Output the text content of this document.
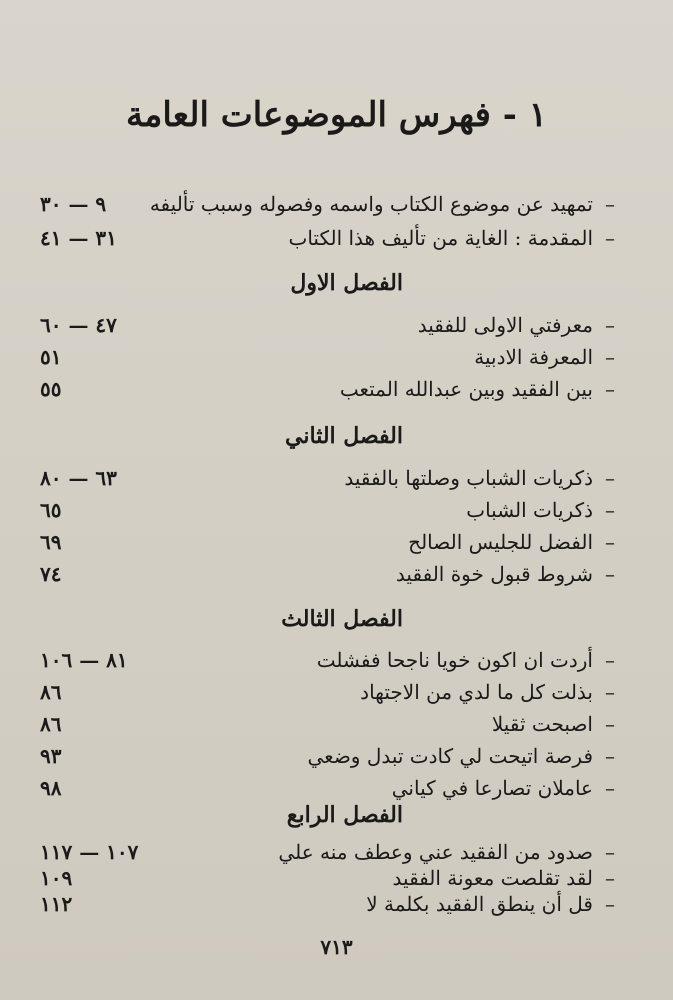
١ - فهرس الموضوعات العامة
–تمهيد عن موضوع الكتاب واسمه وفصوله وسبب تأليفه
٩ — ٣٠
–المقدمة : الغاية من تأليف هذا الكتاب
٣١ — ٤١
الفصل الاول
–معرفتي الاولى للفقيد
٤٧ — ٦٠
–المعرفة الادبية
٥١
–بين الفقيد وبين عبدالله المتعب
٥٥
الفصل الثاني
–ذكريات الشباب وصلتها بالفقيد
٦٣ — ٨٠
–ذكريات الشباب
٦٥
–الفضل للجليس الصالح
٦٩
–شروط قبول خوة الفقيد
٧٤
الفصل الثالث
–أردت ان اكون خويا ناجحا ففشلت
٨١ — ١٠٦
–بذلت كل ما لدي من الاجتهاد
٨٦
–اصبحت ثقيلا
٨٦
–فرصة اتيحت لي كادت تبدل وضعي
٩٣
–عاملان تصارعا في كياني
٩٨
الفصل الرابع
–صدود من الفقيد عني وعطف منه علي
١٠٧ — ١١٧
–لقد تقلصت معونة الفقيد
١٠٩
–قل أن ينطق الفقيد بكلمة لا
١١٢
٧١٣
